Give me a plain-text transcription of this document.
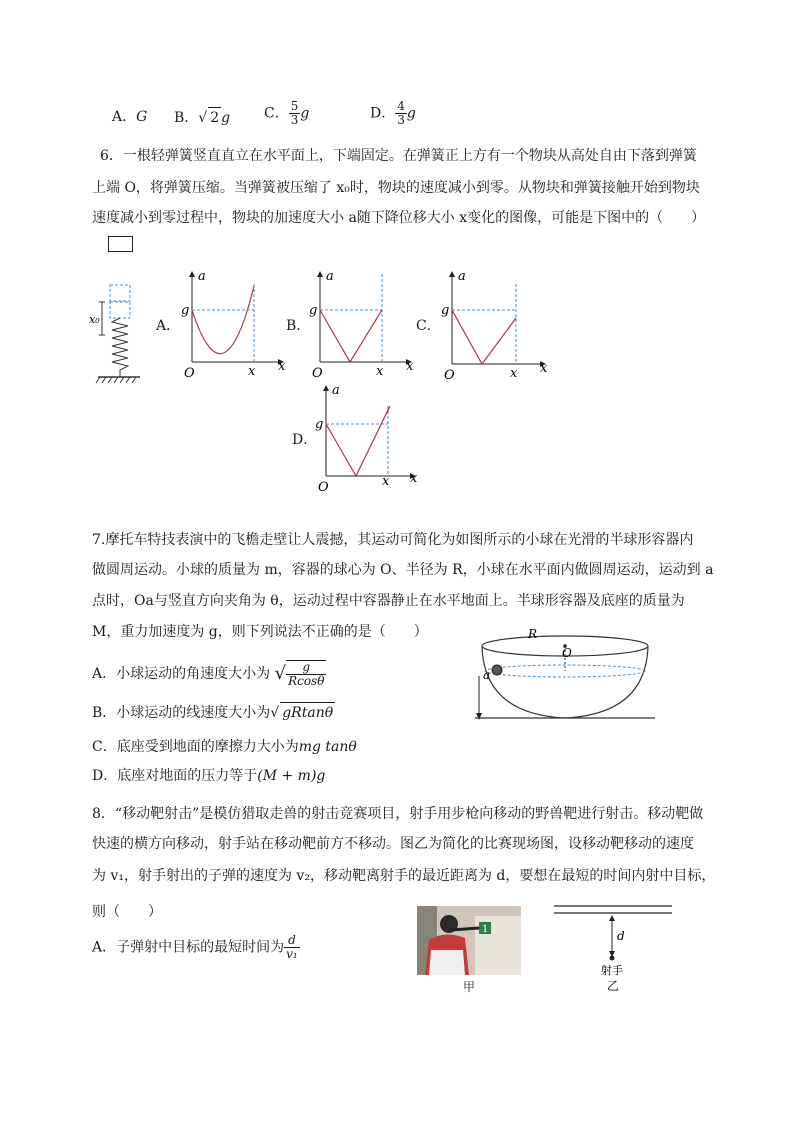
A．G B．√ 2 g C． $\frac{5}{3}$ g	D． $\frac{4}{3}$ g
6．一根轻弹簧竖直直立在水平面上，下端固定。在弹簧正上方有一个物块从高处自由下落到弹簧
上端 O，将弹簧压缩。当弹簧被压缩了 x₀时，物块的速度减小到零。从物块和弹簧接触开始到物块
速度减小到零过程中，物块的加速度大小 a随下降位移大小 x变化的图像，可能是下图中的（　　）
x₀	A．
a
g
O	x x
B．
a
g
O	x x
C．
a
g
O	x x
D．
a
g
O	x x
7.摩托车特技表演中的飞檐走壁让人震撼，其运动可简化为如图所示的小球在光滑的半球形容器内
做圆周运动。小球的质量为 m，容器的球心为 O、半径为 R，小球在水平面内做圆周运动，运动到 a
点时，Oa与竖直方向夹角为 θ，运动过程中容器静止在水平地面上。半球形容器及底座的质量为
M，重力加速度为 g，则下列说法不正确的是（　　）
A．小球运动的角速度大小为 √ $\frac{g}{Rcos\theta}$
B．小球运动的线速度大小为√ gRtanθ
C．底座受到地面的摩擦力大小为mg tanθ
D．底座对地面的压力等于(M + m)g
R
O
a
8．“移动靶射击”是模仿猎取走兽的射击竞赛项目，射手用步枪向移动的野兽靶进行射击。移动靶做
快速的横方向移动，射手站在移动靶前方不移动。图乙为简化的比赛现场图，设移动靶移动的速度
为 v₁，射手射出的子弹的速度为 v₂，移动靶离射手的最近距离为 d，要想在最短的时间内射中目标，
则（　　）
A．子弹射中目标的最短时间为 $\frac{d}{\text{v₁}}$
1
甲
d
射手
乙
